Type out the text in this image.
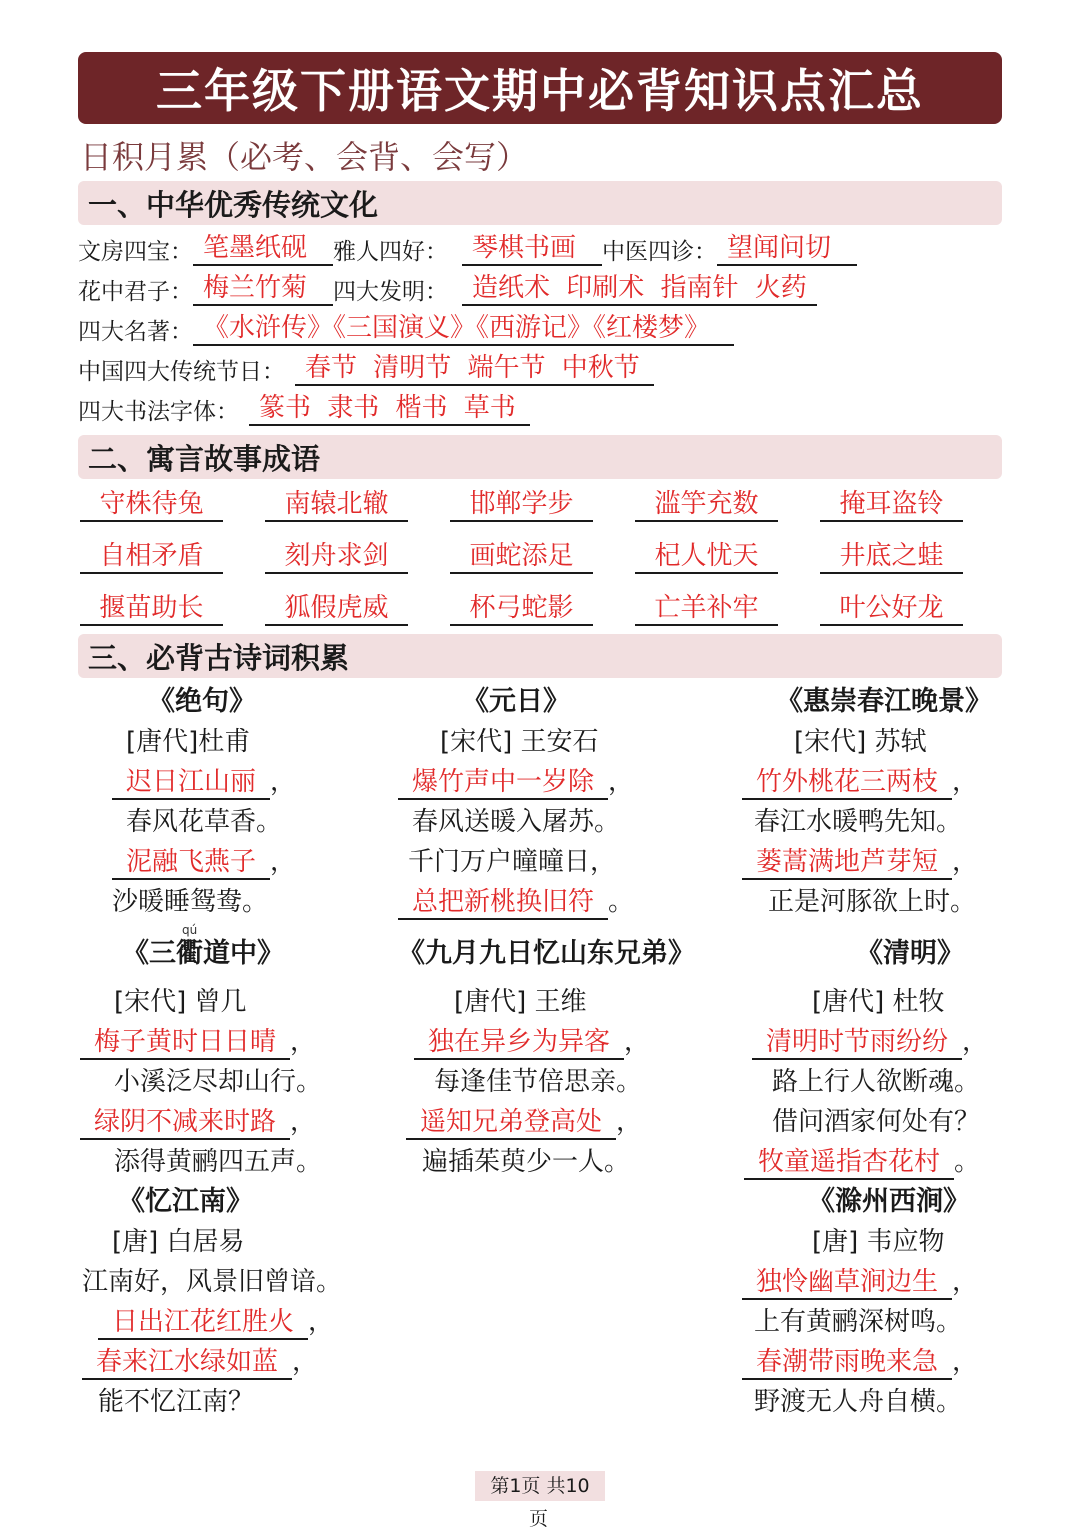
三年级下册语文期中必背知识点汇总
日积月累（必考、会背、会写）
一、中华优秀传统文化
文房四宝： 笔墨纸砚	雅人四好： 琴棋书画	中医四诊： 望闻问切
花中君子： 梅兰竹菊	四大发明： 造纸术 印刷术 指南针 火药
四大名著： 《水浒传》《三国演义》《西游记》《红楼梦》
中国四大传统节日： 春节 清明节 端午节 中秋节
四大书法字体： 篆书 隶书 楷书 草书
二、寓言故事成语
守株待兔	南辕北辙	邯郸学步	滥竽充数	掩耳盗铃
自相矛盾	刻舟求剑	画蛇添足	杞人忧天	井底之蛙
揠苗助长	狐假虎威	杯弓蛇影	亡羊补牢	叶公好龙
三、必背古诗词积累
《绝句》
[唐代]杜甫
迟日江山丽 ，
春风花草香。
泥融飞燕子 ，
沙暖睡鸳鸯。
《元日》
[宋代] 王安石
爆竹声中一岁除 ，
春风送暖入屠苏。
千门万户曈曈日，
总把新桃换旧符 。
《惠崇春江晚景》
[宋代] 苏轼
竹外桃花三两枝 ，
春江水暖鸭先知。
蒌蒿满地芦芽短 ，
正是河豚欲上时。
qú
《三衢道中》
[宋代] 曾几
梅子黄时日日晴 ，
小溪泛尽却山行。
绿阴不减来时路 ，
添得黄鹂四五声。
《九月九日忆山东兄弟》
[唐代] 王维
独在异乡为异客 ，
每逢佳节倍思亲。
遥知兄弟登高处 ，
遍插茱萸少一人。
《清明》
[唐代] 杜牧
清明时节雨纷纷 ，
路上行人欲断魂。
借问酒家何处有？
牧童遥指杏花村 。
《忆江南》
[唐] 白居易
江南好，风景旧曾谙。
日出江花红胜火 ，
春来江水绿如蓝 ，
能不忆江南？
《滁州西涧》
[唐] 韦应物
独怜幽草涧边生 ，
上有黄鹂深树鸣。
春潮带雨晚来急 ，
野渡无人舟自横。
第1页 共10
页
